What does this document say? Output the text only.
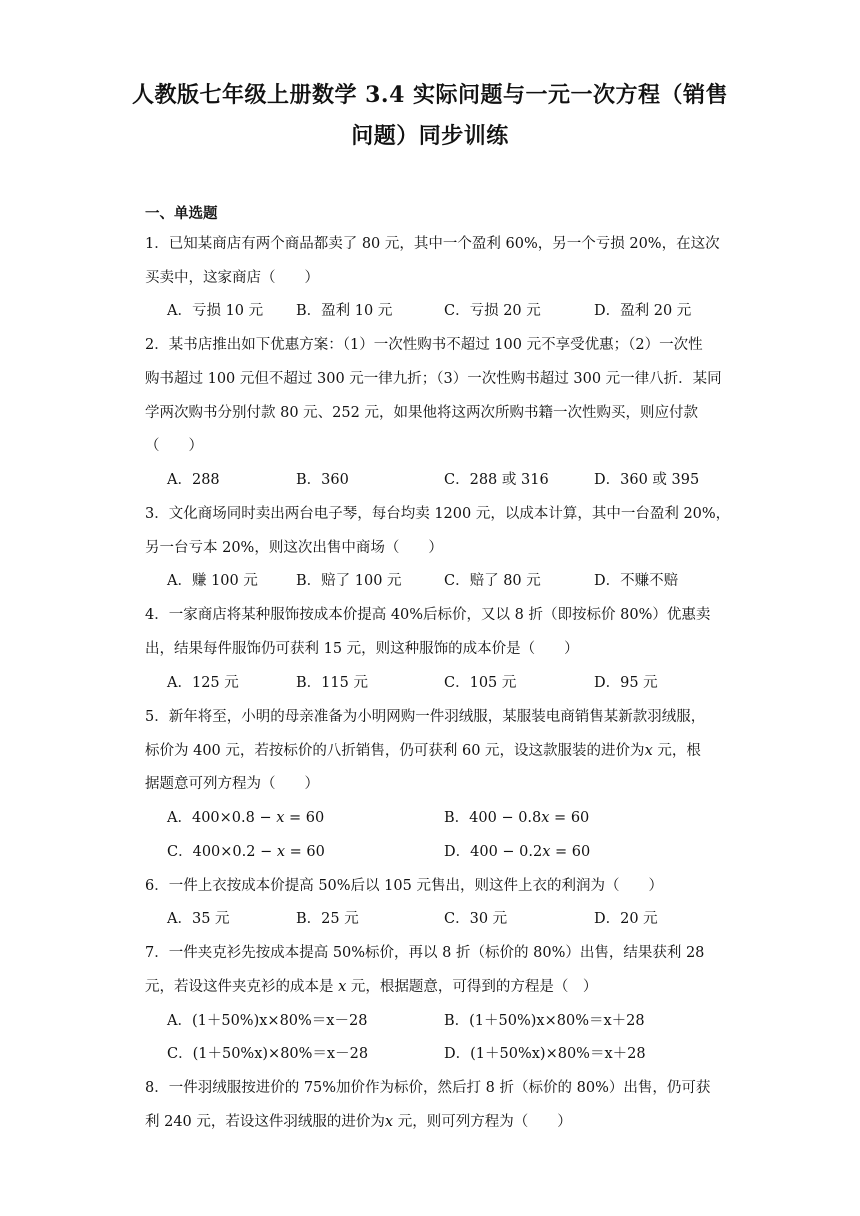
人教版七年级上册数学 3.4 实际问题与一元一次方程（销售
问题）同步训练
一、单选题
1．已知某商店有两个商品都卖了 80 元，其中一个盈利 60%，另一个亏损 20%，在这次
买卖中，这家商店（　　）
A．亏损 10 元 B．盈利 10 元	C．亏损 20 元	D．盈利 20 元
2．某书店推出如下优惠方案：（1）一次性购书不超过 100 元不享受优惠；（2）一次性
购书超过 100 元但不超过 300 元一律九折；（3）一次性购书超过 300 元一律八折．某同
学两次购书分别付款 80 元、252 元，如果他将这两次所购书籍一次性购买，则应付款
（　　）
A．288	B．360	C．288 或 316	D．360 或 395
3．文化商场同时卖出两台电子琴，每台均卖 1200 元，以成本计算，其中一台盈利 20%，
另一台亏本 20%，则这次出售中商场（　　）
A．赚 100 元	B．赔了 100 元	C．赔了 80 元	D．不赚不赔
4．一家商店将某种服饰按成本价提高 40%后标价，又以 8 折（即按标价 80%）优惠卖
出，结果每件服饰仍可获利 15 元，则这种服饰的成本价是（　　）
A．125 元	B．115 元	C．105 元	D．95 元
5．新年将至，小明的母亲准备为小明网购一件羽绒服，某服装电商销售某新款羽绒服，
标价为 400 元，若按标价的八折销售，仍可获利 60 元，设这款服装的进价为x 元，根
据题意可列方程为（　　）
A．400×0.8 − x = 60	B．400 − 0.8x = 60
C．400×0.2 − x = 60	D．400 − 0.2x = 60
6．一件上衣按成本价提高 50%后以 105 元售出，则这件上衣的利润为（　　）
A．35 元	B．25 元	C．30 元	D．20 元
7．一件夹克衫先按成本提高 50%标价，再以 8 折（标价的 80%）出售，结果获利 28
元，若设这件夹克衫的成本是 x 元，根据题意，可得到的方程是（　）
A．(1＋50%)x×80%＝x－28	B．(1＋50%)x×80%＝x＋28
C．(1＋50%x)×80%＝x－28	D．(1＋50%x)×80%＝x＋28
8．一件羽绒服按进价的 75%加价作为标价，然后打 8 折（标价的 80%）出售，仍可获
利 240 元，若设这件羽绒服的进价为x 元，则可列方程为（　　）
